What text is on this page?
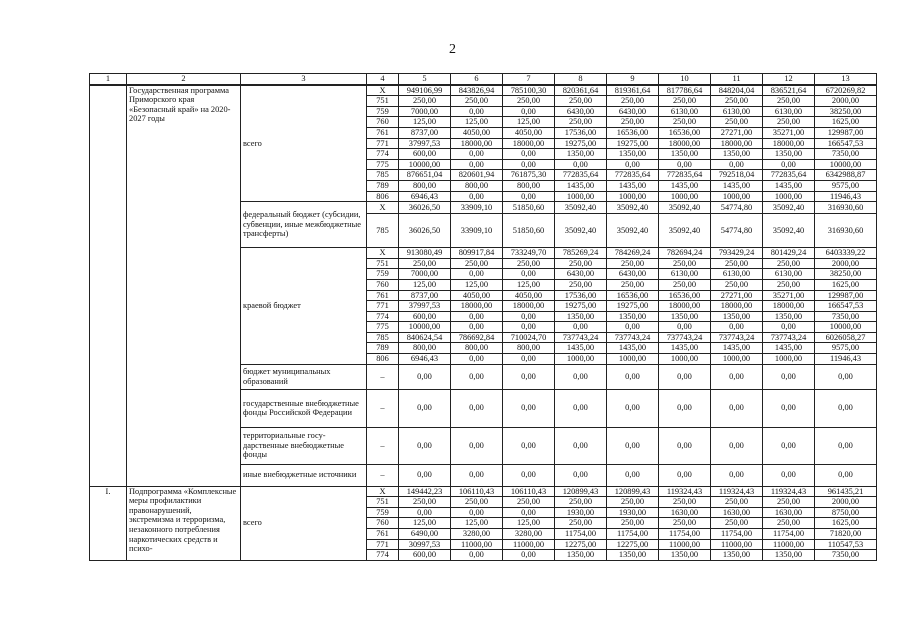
2
1	2	3	4	5	6	7	8	9	10	11	12	13
	Государственная программа Приморского края «Безопасный край» на 2020-2027 годы	всего	X	949106,99	843826,94	785100,30	820361,64	819361,64	817786,64	848204,04	836521,64	6720269,82
			751	250,00	250,00	250,00	250,00	250,00	250,00	250,00	250,00	2000,00
			759	7000,00	0,00	0,00	6430,00	6430,00	6130,00	6130,00	6130,00	38250,00
			760	125,00	125,00	125,00	250,00	250,00	250,00	250,00	250,00	1625,00
			761	8737,00	4050,00	4050,00	17536,00	16536,00	16536,00	27271,00	35271,00	129987,00
			771	37997,53	18000,00	18000,00	19275,00	19275,00	18000,00	18000,00	18000,00	166547,53
			774	600,00	0,00	0,00	1350,00	1350,00	1350,00	1350,00	1350,00	7350,00
			775	10000,00	0,00	0,00	0,00	0,00	0,00	0,00	0,00	10000,00
			785	876651,04	820601,94	761875,30	772835,64	772835,64	772835,64	792518,04	772835,64	6342988,87
			789	800,00	800,00	800,00	1435,00	1435,00	1435,00	1435,00	1435,00	9575,00
			806	6946,43	0,00	0,00	1000,00	1000,00	1000,00	1000,00	1000,00	11946,43
		федеральный бюджет (субсидии, субвенции, иные межбюджетные трансферты)	X	36026,50	33909,10	51850,60	35092,40	35092,40	35092,40	54774,80	35092,40	316930,60
			785	36026,50	33909,10	51850,60	35092,40	35092,40	35092,40	54774,80	35092,40	316930,60
		краевой бюджет	X	913080,49	809917,84	733249,70	785269,24	784269,24	782694,24	793429,24	801429,24	6403339,22
			751	250,00	250,00	250,00	250,00	250,00	250,00	250,00	250,00	2000,00
			759	7000,00	0,00	0,00	6430,00	6430,00	6130,00	6130,00	6130,00	38250,00
			760	125,00	125,00	125,00	250,00	250,00	250,00	250,00	250,00	1625,00
			761	8737,00	4050,00	4050,00	17536,00	16536,00	16536,00	27271,00	35271,00	129987,00
			771	37997,53	18000,00	18000,00	19275,00	19275,00	18000,00	18000,00	18000,00	166547,53
			774	600,00	0,00	0,00	1350,00	1350,00	1350,00	1350,00	1350,00	7350,00
			775	10000,00	0,00	0,00	0,00	0,00	0,00	0,00	0,00	10000,00
			785	840624,54	786692,84	710024,70	737743,24	737743,24	737743,24	737743,24	737743,24	6026058,27
			789	800,00	800,00	800,00	1435,00	1435,00	1435,00	1435,00	1435,00	9575,00
			806	6946,43	0,00	0,00	1000,00	1000,00	1000,00	1000,00	1000,00	11946,43
		бюджет муниципальных образований	–	0,00	0,00	0,00	0,00	0,00	0,00	0,00	0,00	0,00
		государственные внебюджетные фонды Российской Федерации	–	0,00	0,00	0,00	0,00	0,00	0,00	0,00	0,00	0,00
		территориальные государственные внебюджетные фонды	–	0,00	0,00	0,00	0,00	0,00	0,00	0,00	0,00	0,00
		иные внебюджетные источники	–	0,00	0,00	0,00	0,00	0,00	0,00	0,00	0,00	0,00
I.	Подпрограмма «Комплексные меры профилактики правонарушений, экстремизма и терроризма, незаконного потребления наркотических средств и психо-	всего	X	149442,23	106110,43	106110,43	120899,43	120899,43	119324,43	119324,43	119324,43	961435,21
			751	250,00	250,00	250,00	250,00	250,00	250,00	250,00	250,00	2000,00
			759	0,00	0,00	0,00	1930,00	1930,00	1630,00	1630,00	1630,00	8750,00
			760	125,00	125,00	125,00	250,00	250,00	250,00	250,00	250,00	1625,00
			761	6490,00	3280,00	3280,00	11754,00	11754,00	11754,00	11754,00	11754,00	71820,00
			771	30997,53	11000,00	11000,00	12275,00	12275,00	11000,00	11000,00	11000,00	110547,53
			774	600,00	0,00	0,00	1350,00	1350,00	1350,00	1350,00	1350,00	7350,00
